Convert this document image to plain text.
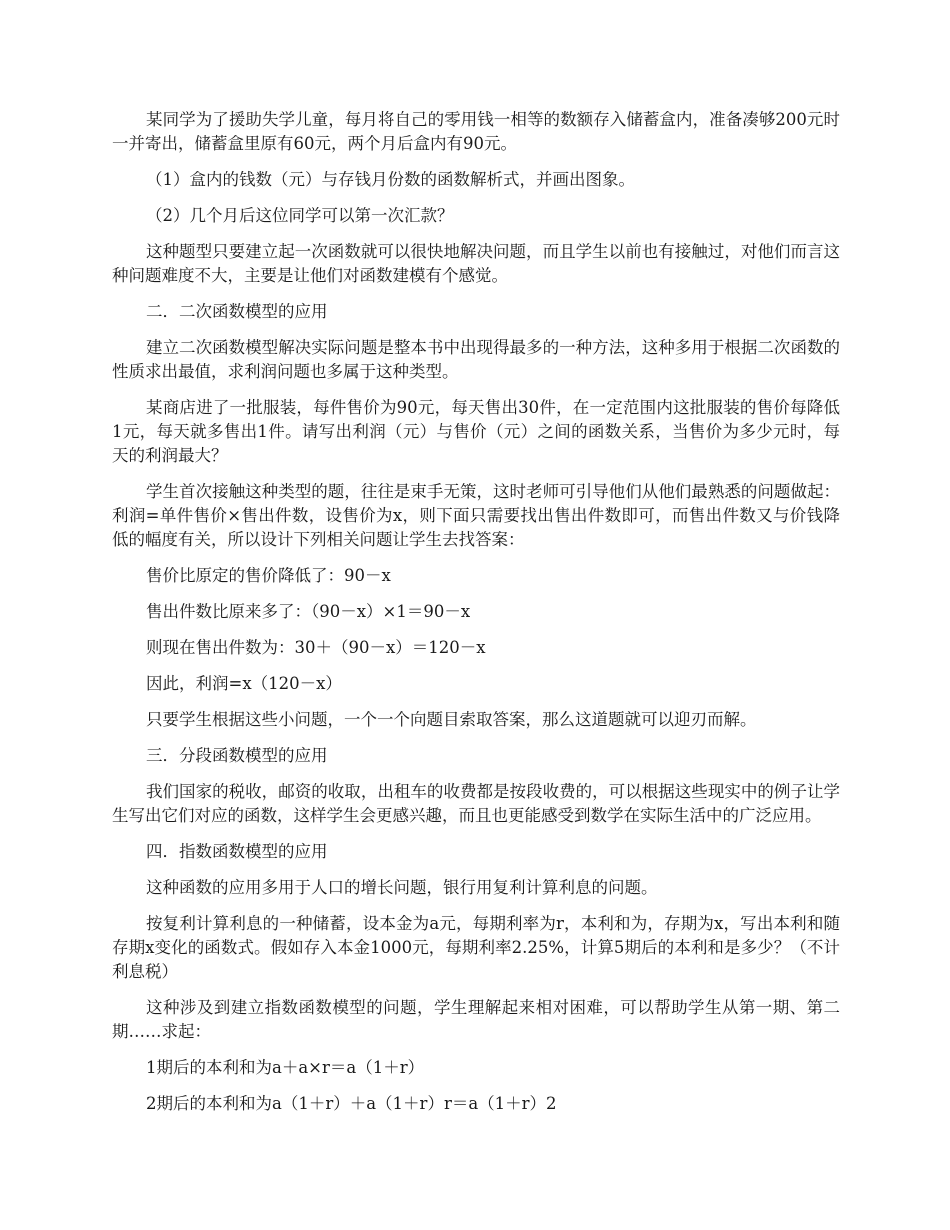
某同学为了援助失学儿童，每月将自己的零用钱一相等的数额存入储蓄盒内，准备凑够200元时一并寄出，储蓄盒里原有60元，两个月后盒内有90元。

（1）盒内的钱数（元）与存钱月份数的函数解析式，并画出图象。

（2）几个月后这位同学可以第一次汇款？

这种题型只要建立起一次函数就可以很快地解决问题，而且学生以前也有接触过，对他们而言这种问题难度不大，主要是让他们对函数建模有个感觉。

二．二次函数模型的应用

建立二次函数模型解决实际问题是整本书中出现得最多的一种方法，这种多用于根据二次函数的性质求出最值，求利润问题也多属于这种类型。

某商店进了一批服装，每件售价为90元，每天售出30件，在一定范围内这批服装的售价每降低1元，每天就多售出1件。请写出利润（元）与售价（元）之间的函数关系，当售价为多少元时，每天的利润最大？

学生首次接触这种类型的题，往往是束手无策，这时老师可引导他们从他们最熟悉的问题做起：利润=单件售价×售出件数，设售价为x，则下面只需要找出售出件数即可，而售出件数又与价钱降低的幅度有关，所以设计下列相关问题让学生去找答案：

售价比原定的售价降低了：90－x

售出件数比原来多了：（90－x）×1＝90－x

则现在售出件数为：30＋（90－x）＝120－x

因此，利润=x（120－x）

只要学生根据这些小问题，一个一个向题目索取答案，那么这道题就可以迎刃而解。

三．分段函数模型的应用

我们国家的税收，邮资的收取，出租车的收费都是按段收费的，可以根据这些现实中的例子让学生写出它们对应的函数，这样学生会更感兴趣，而且也更能感受到数学在实际生活中的广泛应用。

四．指数函数模型的应用

这种函数的应用多用于人口的增长问题，银行用复利计算利息的问题。

按复利计算利息的一种储蓄，设本金为a元，每期利率为r，本利和为，存期为x，写出本利和随存期x变化的函数式。假如存入本金1000元，每期利率2.25%，计算5期后的本利和是多少？（不计利息税）

这种涉及到建立指数函数模型的问题，学生理解起来相对困难，可以帮助学生从第一期、第二期……求起：

1期后的本利和为a＋a×r＝a（1＋r）

2期后的本利和为a（1＋r）＋a（1＋r）r＝a（1＋r）2
